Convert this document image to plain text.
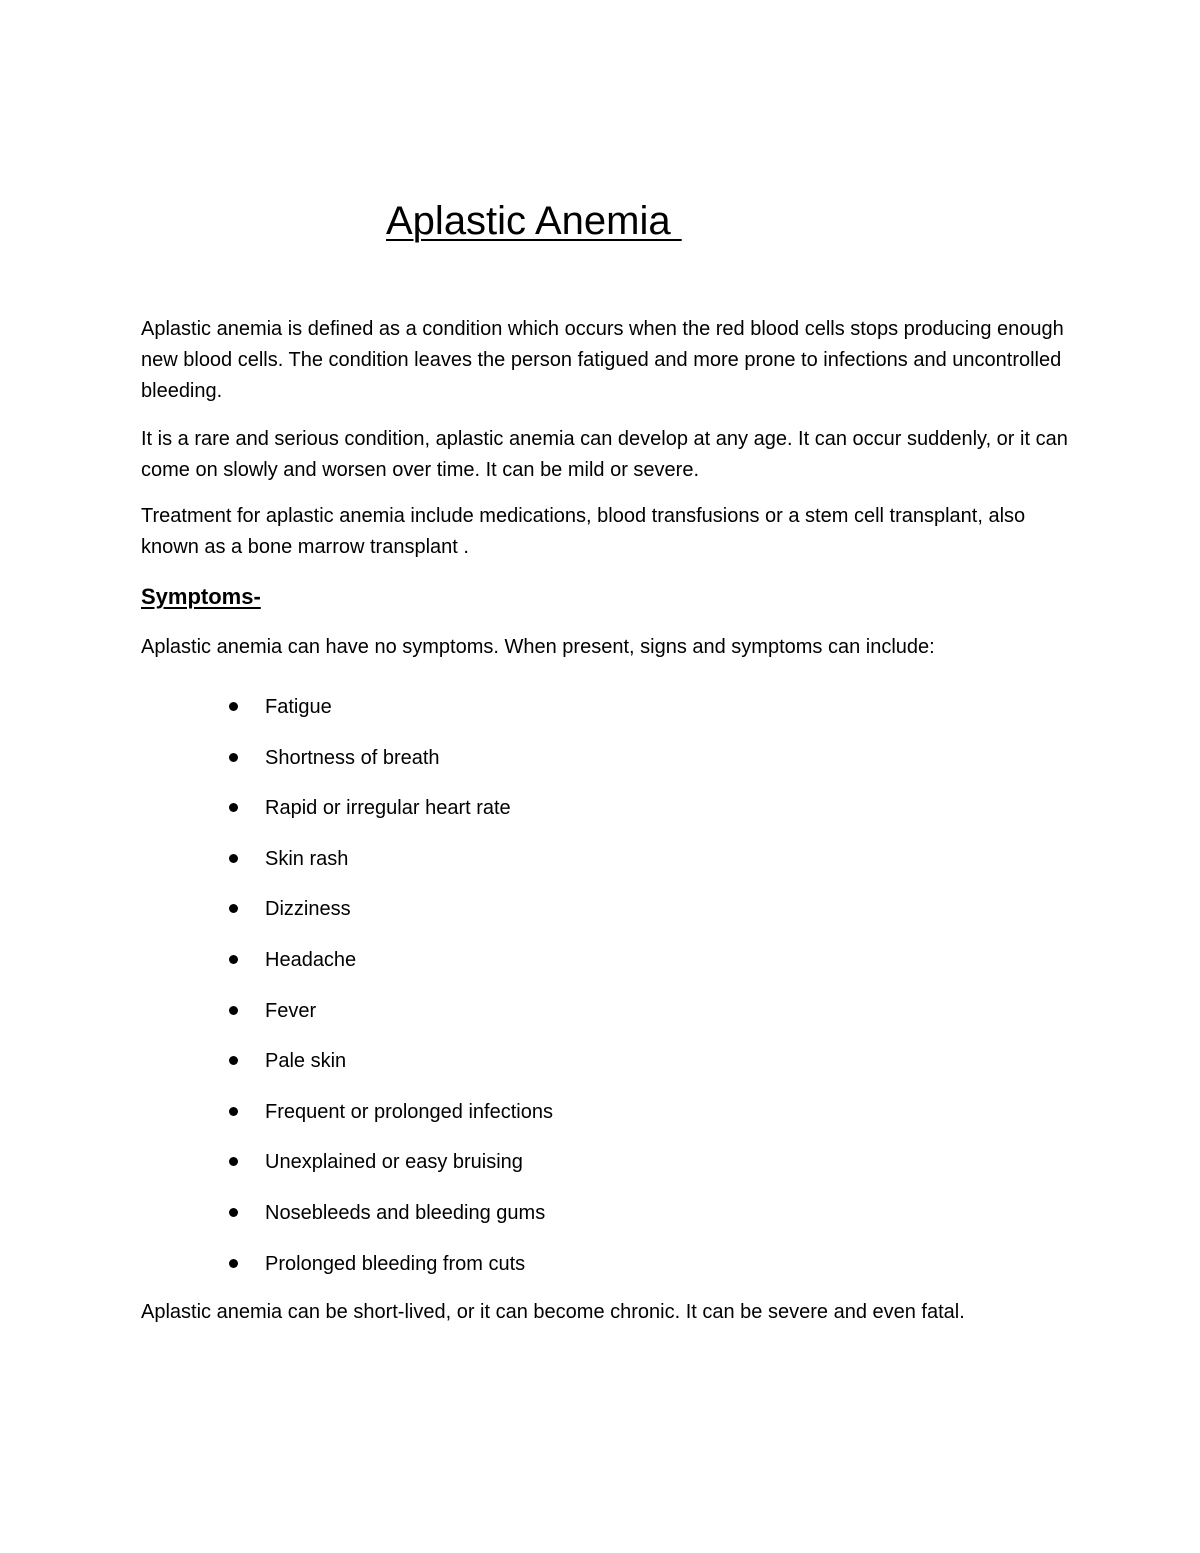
Aplastic Anemia

Aplastic anemia is defined as a condition which occurs when the red blood cells stops producing enough new blood cells. The condition leaves the person fatigued and more prone to infections and uncontrolled bleeding.

It is a rare and serious condition, aplastic anemia can develop at any age. It can occur suddenly, or it can come on slowly and worsen over time. It can be mild or severe.

Treatment for aplastic anemia include medications, blood transfusions or a stem cell transplant, also known as a bone marrow transplant .

Symptoms-

Aplastic anemia can have no symptoms. When present, signs and symptoms can include:

Fatigue
Shortness of breath
Rapid or irregular heart rate
Skin rash
Dizziness
Headache
Fever
Pale skin
Frequent or prolonged infections
Unexplained or easy bruising
Nosebleeds and bleeding gums
Prolonged bleeding from cuts

Aplastic anemia can be short-lived, or it can become chronic. It can be severe and even fatal.
